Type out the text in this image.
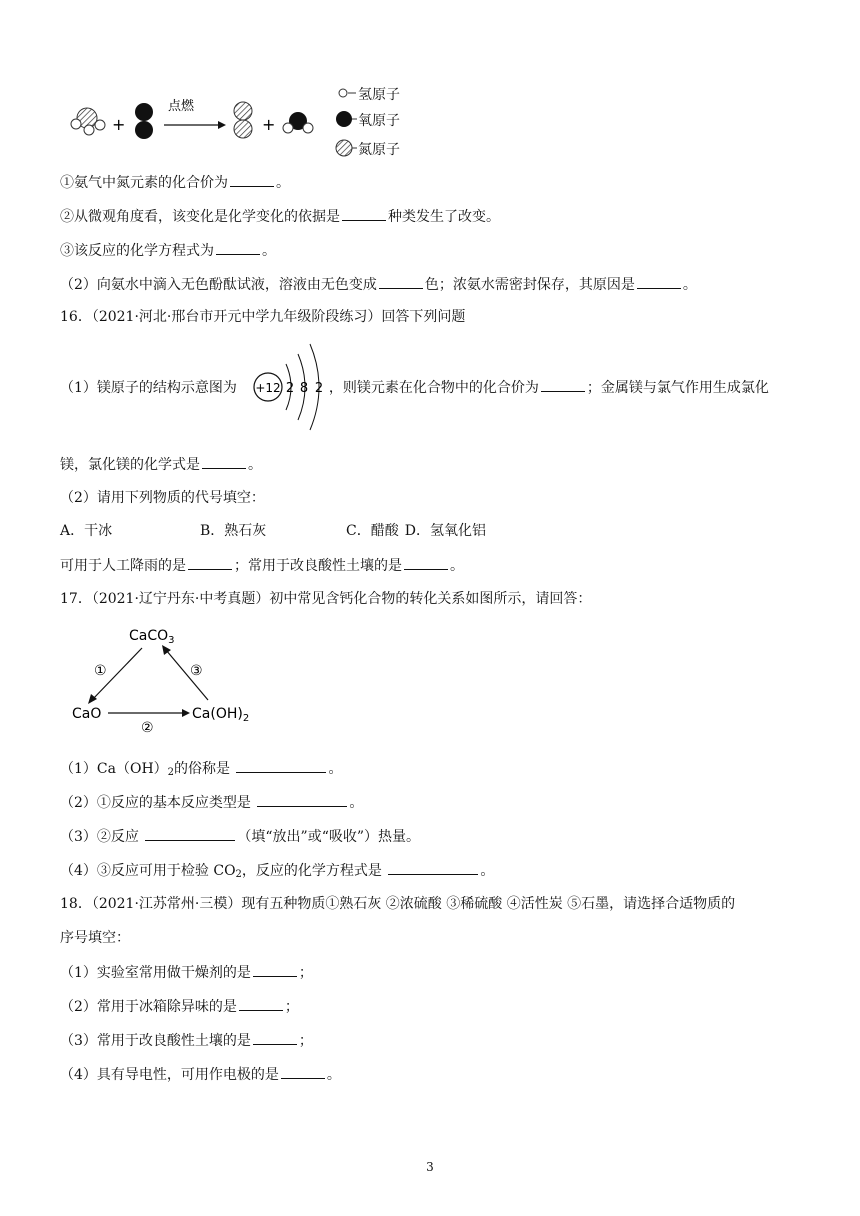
+
点燃
+
氢原子
氧原子
氮原子
①氨气中氮元素的化合价为	。
②从微观角度看，该变化是化学变化的依据是	种类发生了改变。
③该反应的化学方程式为	。
（2）向氨水中滴入无色酚酞试液，溶液由无色变成	色；浓氨水需密封保存，其原因是	。
16．（2021·河北·邢台市开元中学九年级阶段练习）回答下列问题
（1）镁原子的结构示意图为	，则镁元素在化合物中的化合价为	；金属镁与氯气作用生成氯化
+12 2 8 2
镁，氯化镁的化学式是	。
（2）请用下列物质的代号填空：
A．干冰	B．熟石灰	C．醋酸 D．氢氧化铝
可用于人工降雨的是	；常用于改良酸性土壤的是	。
17．（2021·辽宁丹东·中考真题）初中常见含钙化合物的转化关系如图所示，请回答：
CaCO$_3$
CaO	$Ca(OH)_2$
①
②
③
$(1)Ca(OH)_2$的俗称是	。
（2）①反应的基本反应类型是	。
（3）②反应	（填“放出”或“吸收”）热量。
（4）③反应可用于检验 $CO_2$，反应的化学方程式是	。
18．（2021·江苏常州·三模）现有五种物质①熟石灰 ②浓硫酸 ③稀硫酸 ④活性炭 ⑤石墨，请选择合适物质的
序号填空：
（1）实验室常用做干燥剂的是	；
（2）常用于冰箱除异味的是	；
（3）常用于改良酸性土壤的是	；
（4）具有导电性，可用作电极的是	。
3
